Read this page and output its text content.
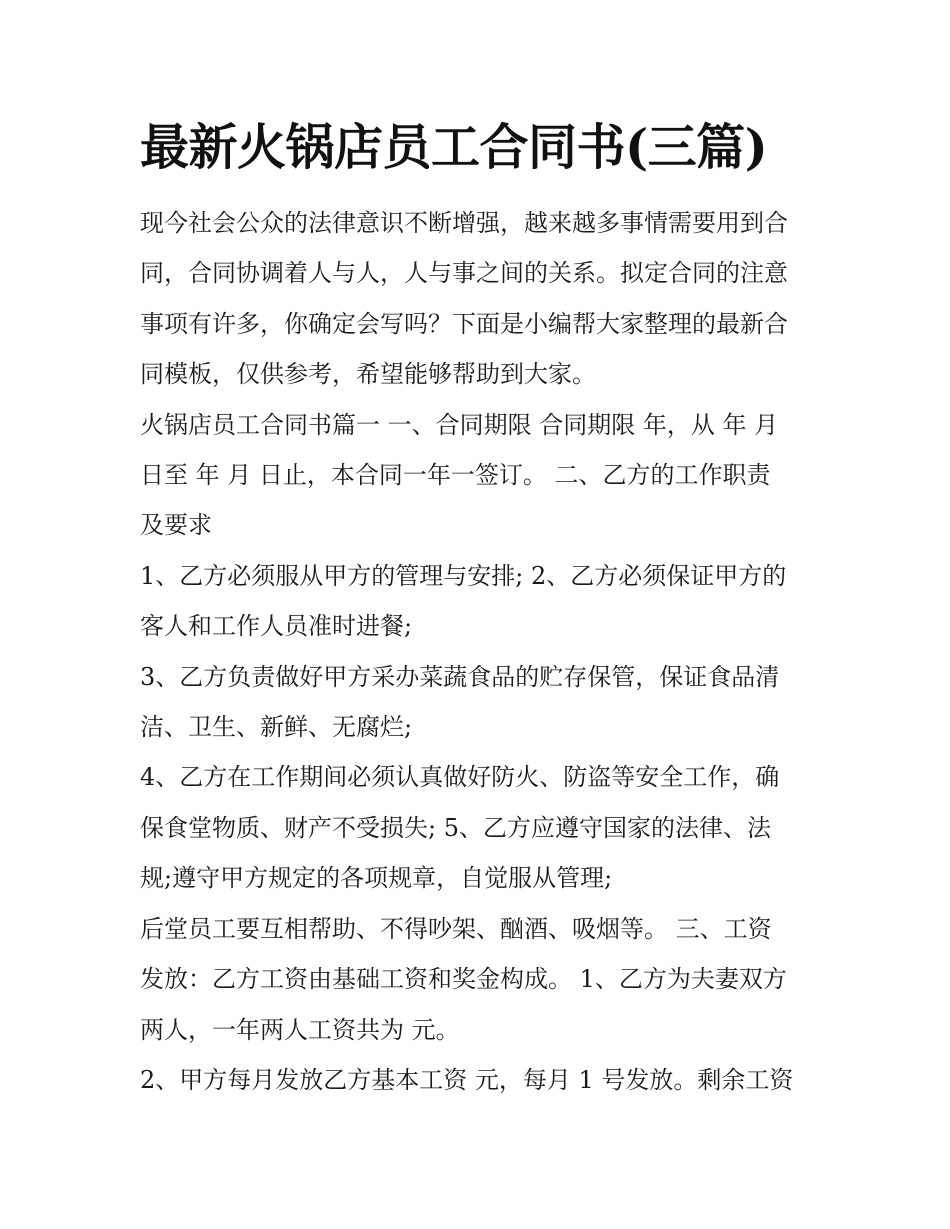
最新火锅店员工合同书(三篇)

现今社会公众的法律意识不断增强，越来越多事情需要用到合
同，合同协调着人与人，人与事之间的关系。拟定合同的注意
事项有许多，你确定会写吗？下面是小编帮大家整理的最新合
同模板，仅供参考，希望能够帮助到大家。

火锅店员工合同书篇一 一、合同期限 合同期限 年，从 年 月
日至 年 月 日止，本合同一年一签订。 二、乙方的工作职责
及要求

1、乙方必须服从甲方的管理与安排; 2、乙方必须保证甲方的
客人和工作人员准时进餐;

3、乙方负责做好甲方采办菜蔬食品的贮存保管，保证食品清
洁、卫生、新鲜、无腐烂;

4、乙方在工作期间必须认真做好防火、防盗等安全工作，确
保食堂物质、财产不受损失; 5、乙方应遵守国家的法律、法
规;遵守甲方规定的各项规章，自觉服从管理;

后堂员工要互相帮助、不得吵架、酗酒、吸烟等。 三、工资
发放：乙方工资由基础工资和奖金构成。 1、乙方为夫妻双方
两人，一年两人工资共为 元。

2、甲方每月发放乙方基本工资 元，每月 1 号发放。剩余工资
